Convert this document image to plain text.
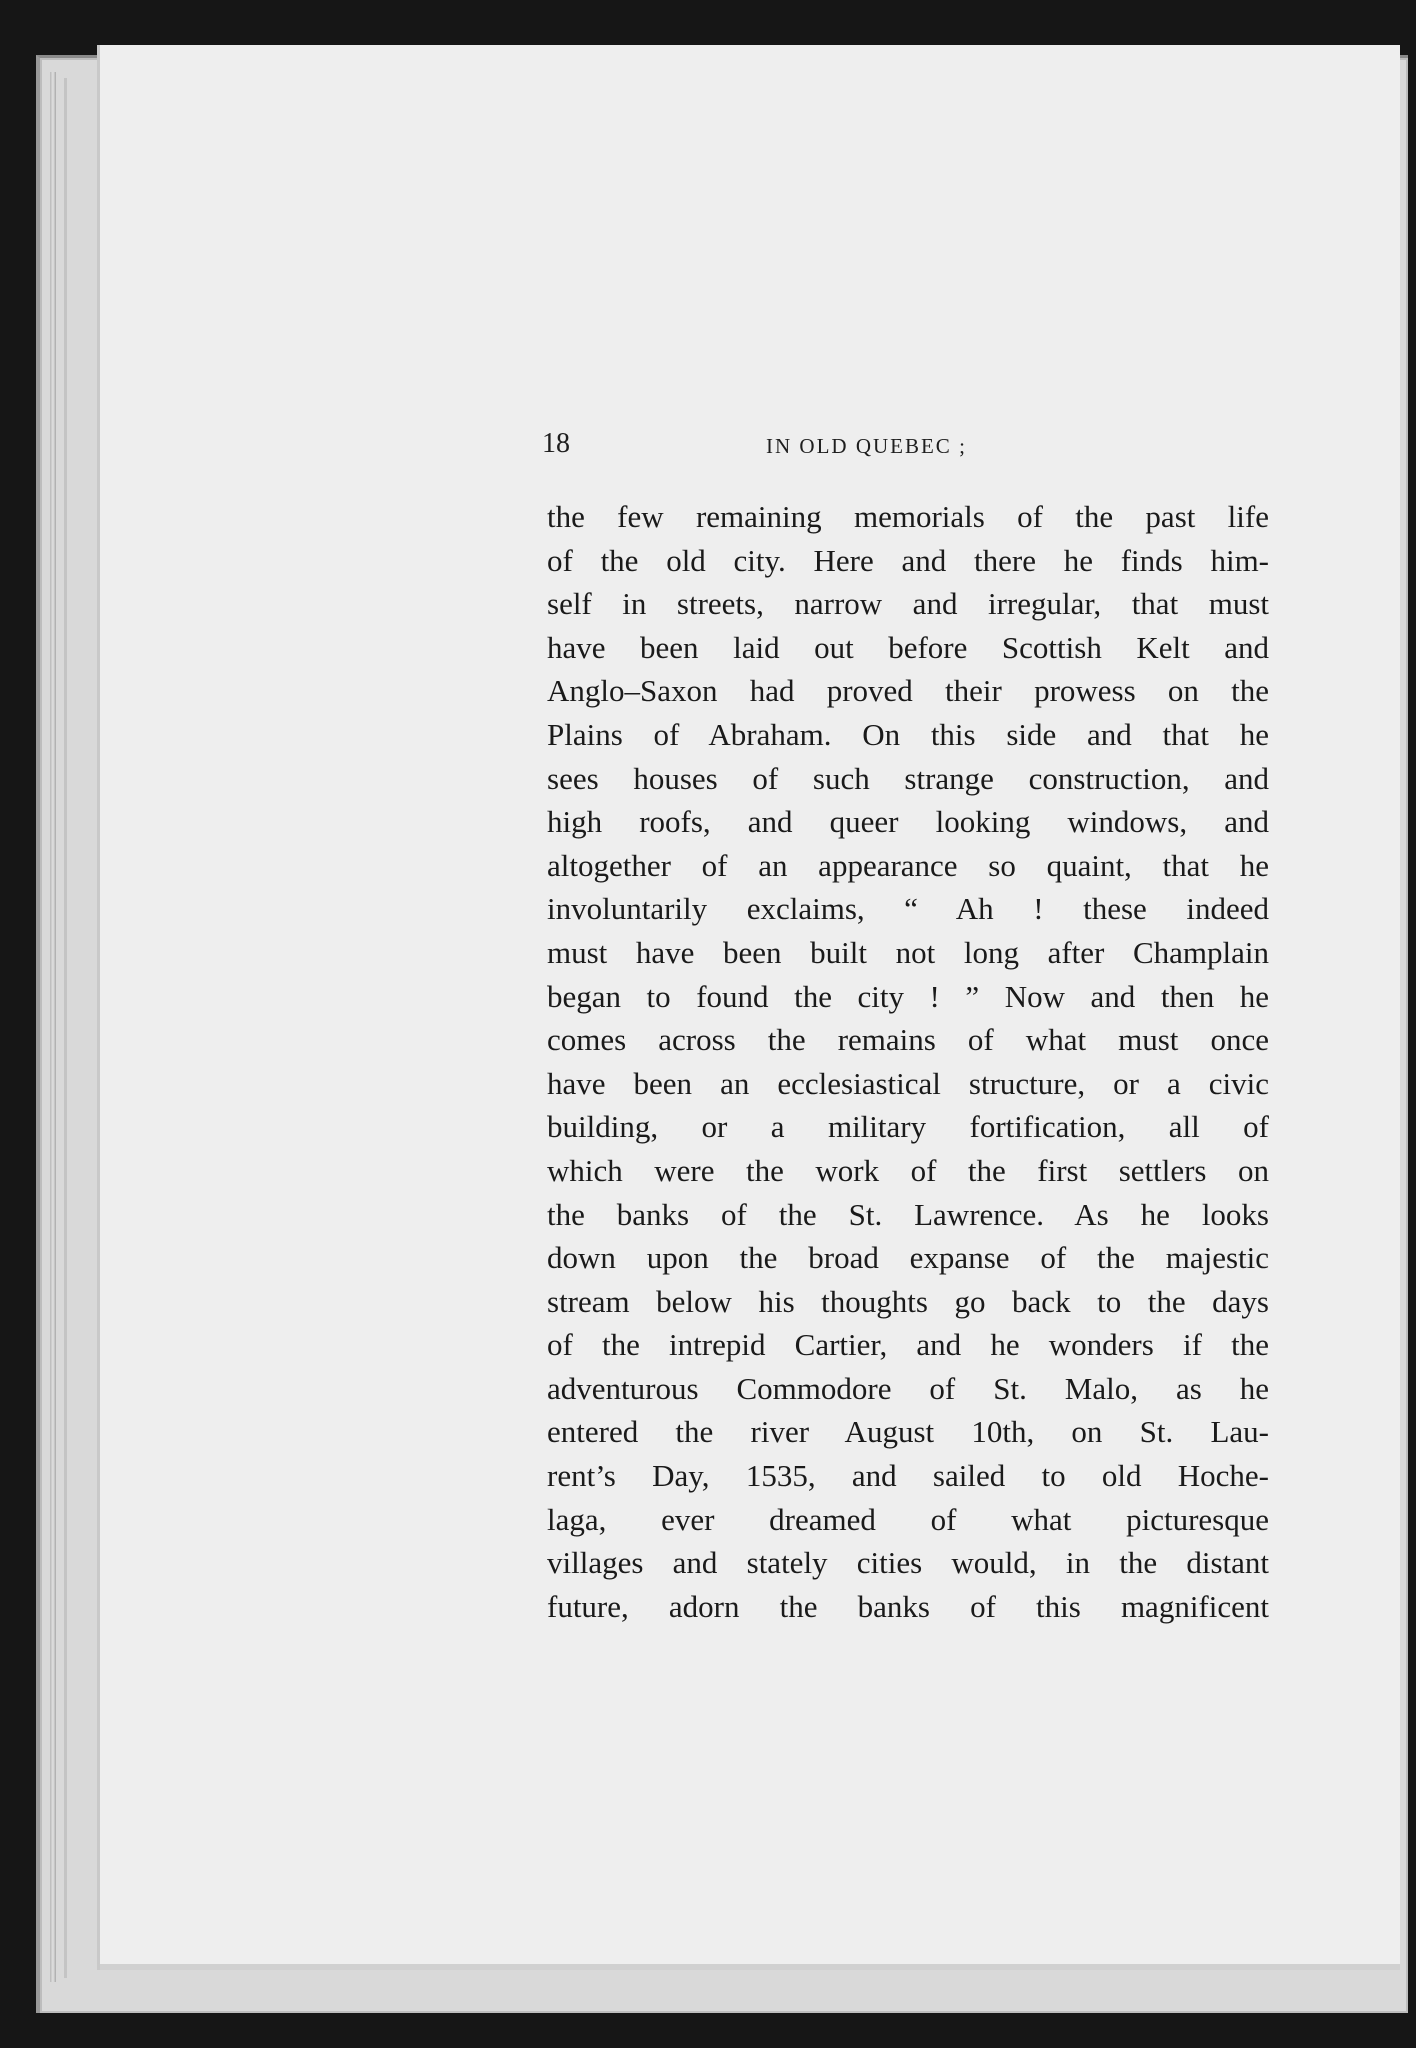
18	IN OLD QUEBEC ;
the few remaining memorials of the past life
of the old city. Here and there he finds him-
self in streets, narrow and irregular, that must
have been laid out before Scottish Kelt and
Anglo–Saxon had proved their prowess on the
Plains of Abraham. On this side and that he
sees houses of such strange construction, and
high roofs, and queer looking windows, and
altogether of an appearance so quaint, that he
involuntarily exclaims, “ Ah ! these indeed
must have been built not long after Champlain
began to found the city ! ” Now and then he
comes across the remains of what must once
have been an ecclesiastical structure, or a civic
building, or a military fortification, all of
which were the work of the first settlers on
the banks of the St. Lawrence. As he looks
down upon the broad expanse of the majestic
stream below his thoughts go back to the days
of the intrepid Cartier, and he wonders if the
adventurous Commodore of St. Malo, as he
entered the river August 10th, on St. Lau-
rent’s Day, 1535, and sailed to old Hoche-
laga, ever dreamed of what picturesque
villages and stately cities would, in the distant
future, adorn the banks of this magnificent
